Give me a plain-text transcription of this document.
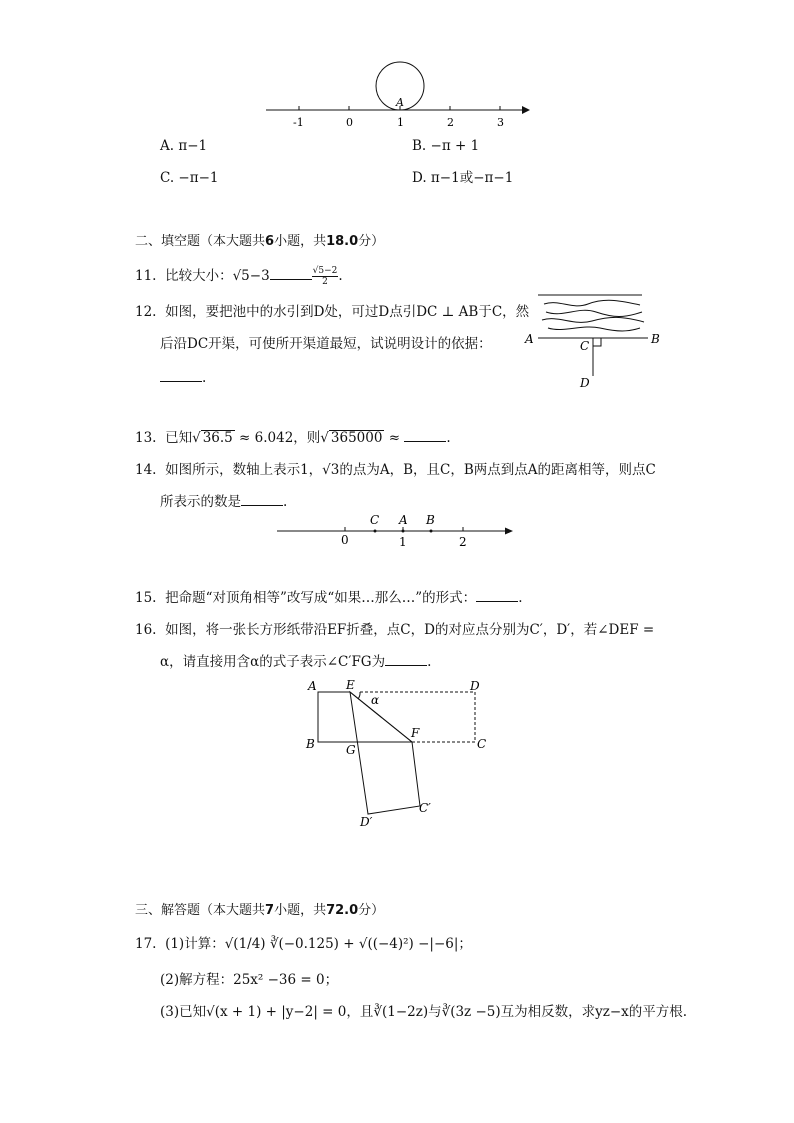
-1	0	1	2	3
A
A. π−1	B. −π + 1
C. −π−1	D. π−1或−π−1
二、填空题（本大题共6小题，共18.0分）
11. 比较大小：√5−3	$\frac{√5-2}{2}$ .
12. 如图，要把池中的水引到D处，可过D点引DC ⊥ AB于C，然
后沿DC开渠，可使所开渠道最短，试说明设计的依据：
.
A	B
C
D
13. 已知√ 36.5 ≈ 6.042，则√ 365000 ≈	.
14. 如图所示，数轴上表示1，√3的点为A，B，且C，B两点到点A的距离相等，则点C
所表示的数是	.
C A B
0	1	2
15. 把命题“对顶角相等”改写成“如果…那么…”的形式：	.
16. 如图，将一张长方形纸带沿EF折叠，点C，D的对应点分别为C′，D′，若∠DEF =
α，请直接用含α的式子表示∠C′FG为	.
A E	D
α
B	G
F
C
C′
D′
三、解答题（本大题共7小题，共72.0分）
17. (1)计算：√(1/4) ∛(−0.125) + √((−4)²) −|−6|；
(2)解方程：25x² −36 = 0；
(3)已知√(x + 1) + |y−2| = 0，且∛(1−2z)与∛(3z −5)互为相反数，求yz−x的平方根.
